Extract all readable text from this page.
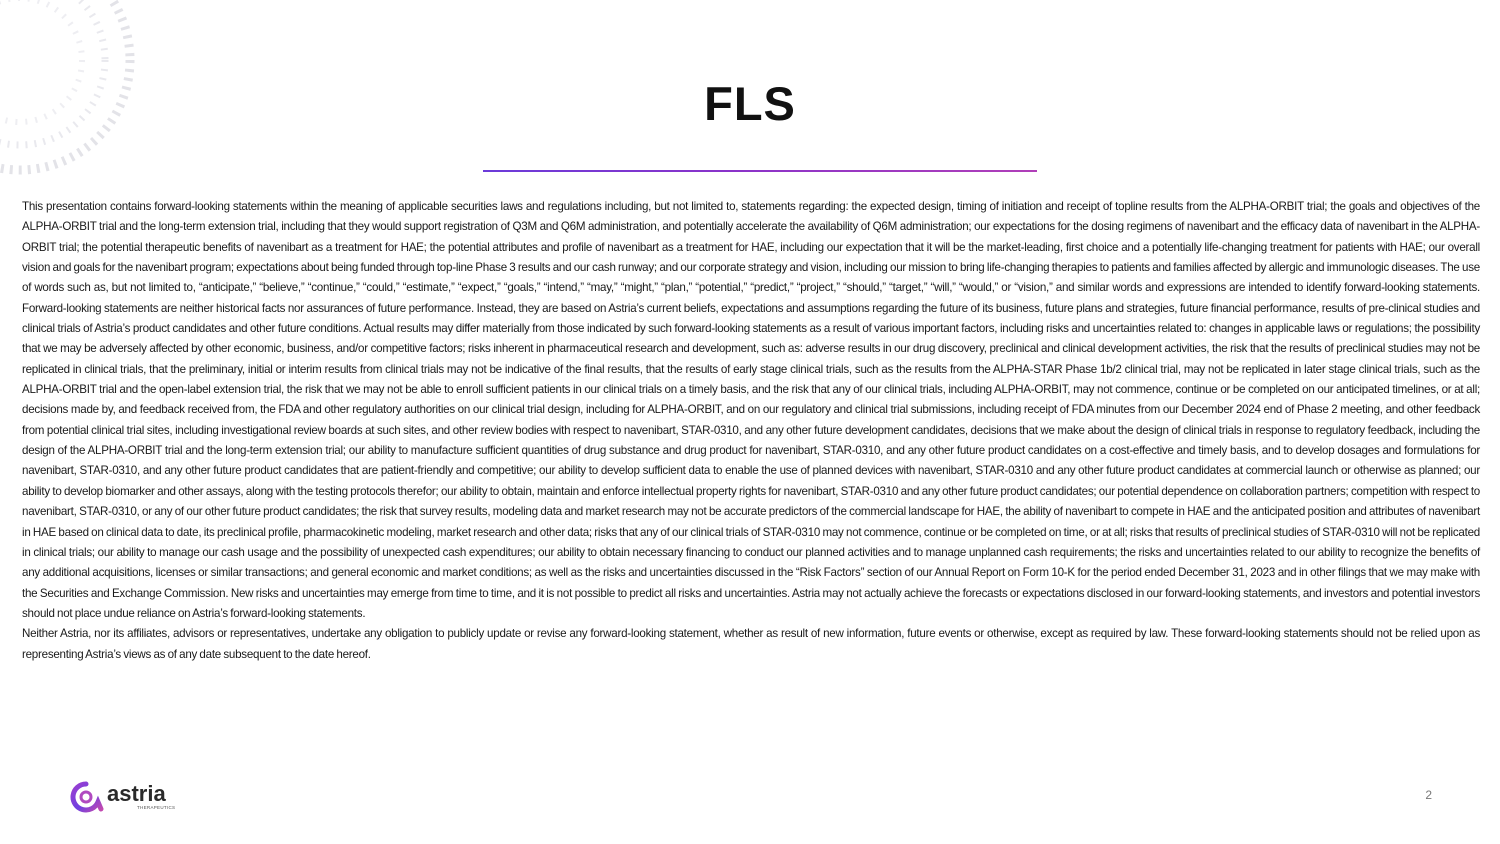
FLS

This presentation contains forward-looking statements within the meaning of applicable securities laws and regulations including, but not limited to, statements regarding: the expected design, timing of initiation and receipt of topline results from the ALPHA-ORBIT trial; the goals and objectives of the ALPHA-ORBIT trial and the long-term extension trial, including that they would support registration of Q3M and Q6M administration, and potentially accelerate the availability of Q6M administration; our expectations for the dosing regimens of navenibart and the efficacy data of navenibart in the ALPHA-ORBIT trial; the potential therapeutic benefits of navenibart as a treatment for HAE; the potential attributes and profile of navenibart as a treatment for HAE, including our expectation that it will be the market-leading, first choice and a potentially life-changing treatment for patients with HAE; our overall vision and goals for the navenibart program; expectations about being funded through top-line Phase 3 results and our cash runway; and our corporate strategy and vision, including our mission to bring life-changing therapies to patients and families affected by allergic and immunologic diseases. The use of words such as, but not limited to, “anticipate,” “believe,” “continue,” “could,” “estimate,” “expect,” “goals,” “intend,” “may,” “might,” “plan,” “potential,” “predict,” “project,” “should,” “target,” “will,” “would,” or “vision,” and similar words and expressions are intended to identify forward-looking statements. Forward-looking statements are neither historical facts nor assurances of future performance. Instead, they are based on Astria’s current beliefs, expectations and assumptions regarding the future of its business, future plans and strategies, future financial performance, results of pre-clinical studies and clinical trials of Astria’s product candidates and other future conditions. Actual results may differ materially from those indicated by such forward-looking statements as a result of various important factors, including risks and uncertainties related to: changes in applicable laws or regulations; the possibility that we may be adversely affected by other economic, business, and/or competitive factors; risks inherent in pharmaceutical research and development, such as: adverse results in our drug discovery, preclinical and clinical development activities, the risk that the results of preclinical studies may not be replicated in clinical trials, that the preliminary, initial or interim results from clinical trials may not be indicative of the final results, that the results of early stage clinical trials, such as the results from the ALPHA-STAR Phase 1b/2 clinical trial, may not be replicated in later stage clinical trials, such as the ALPHA-ORBIT trial and the open-label extension trial, the risk that we may not be able to enroll sufficient patients in our clinical trials on a timely basis, and the risk that any of our clinical trials, including ALPHA-ORBIT, may not commence, continue or be completed on our anticipated timelines, or at all; decisions made by, and feedback received from, the FDA and other regulatory authorities on our clinical trial design, including for ALPHA-ORBIT, and on our regulatory and clinical trial submissions, including receipt of FDA minutes from our December 2024 end of Phase 2 meeting, and other feedback from potential clinical trial sites, including investigational review boards at such sites, and other review bodies with respect to navenibart, STAR-0310, and any other future development candidates, decisions that we make about the design of clinical trials in response to regulatory feedback, including the design of the ALPHA-ORBIT trial and the long-term extension trial; our ability to manufacture sufficient quantities of drug substance and drug product for navenibart, STAR-0310, and any other future product candidates on a cost-effective and timely basis, and to develop dosages and formulations for navenibart, STAR-0310, and any other future product candidates that are patient-friendly and competitive; our ability to develop sufficient data to enable the use of planned devices with navenibart, STAR-0310 and any other future product candidates at commercial launch or otherwise as planned; our ability to develop biomarker and other assays, along with the testing protocols therefor; our ability to obtain, maintain and enforce intellectual property rights for navenibart, STAR-0310 and any other future product candidates; our potential dependence on collaboration partners; competition with respect to navenibart, STAR-0310, or any of our other future product candidates; the risk that survey results, modeling data and market research may not be accurate predictors of the commercial landscape for HAE, the ability of navenibart to compete in HAE and the anticipated position and attributes of navenibart in HAE based on clinical data to date, its preclinical profile, pharmacokinetic modeling, market research and other data; risks that any of our clinical trials of STAR-0310 may not commence, continue or be completed on time, or at all; risks that results of preclinical studies of STAR-0310 will not be replicated in clinical trials; our ability to manage our cash usage and the possibility of unexpected cash expenditures; our ability to obtain necessary financing to conduct our planned activities and to manage unplanned cash requirements; the risks and uncertainties related to our ability to recognize the benefits of any additional acquisitions, licenses or similar transactions; and general economic and market conditions; as well as the risks and uncertainties discussed in the “Risk Factors” section of our Annual Report on Form 10-K for the period ended December 31, 2023 and in other filings that we may make with the Securities and Exchange Commission. New risks and uncertainties may emerge from time to time, and it is not possible to predict all risks and uncertainties. Astria may not actually achieve the forecasts or expectations disclosed in our forward-looking statements, and investors and potential investors should not place undue reliance on Astria’s forward-looking statements.

Neither Astria, nor its affiliates, advisors or representatives, undertake any obligation to publicly update or revise any forward-looking statement, whether as result of new information, future events or otherwise, except as required by law. These forward-looking statements should not be relied upon as representing Astria’s views as of any date subsequent to the date hereof.

astria
THERAPEUTICS
2
